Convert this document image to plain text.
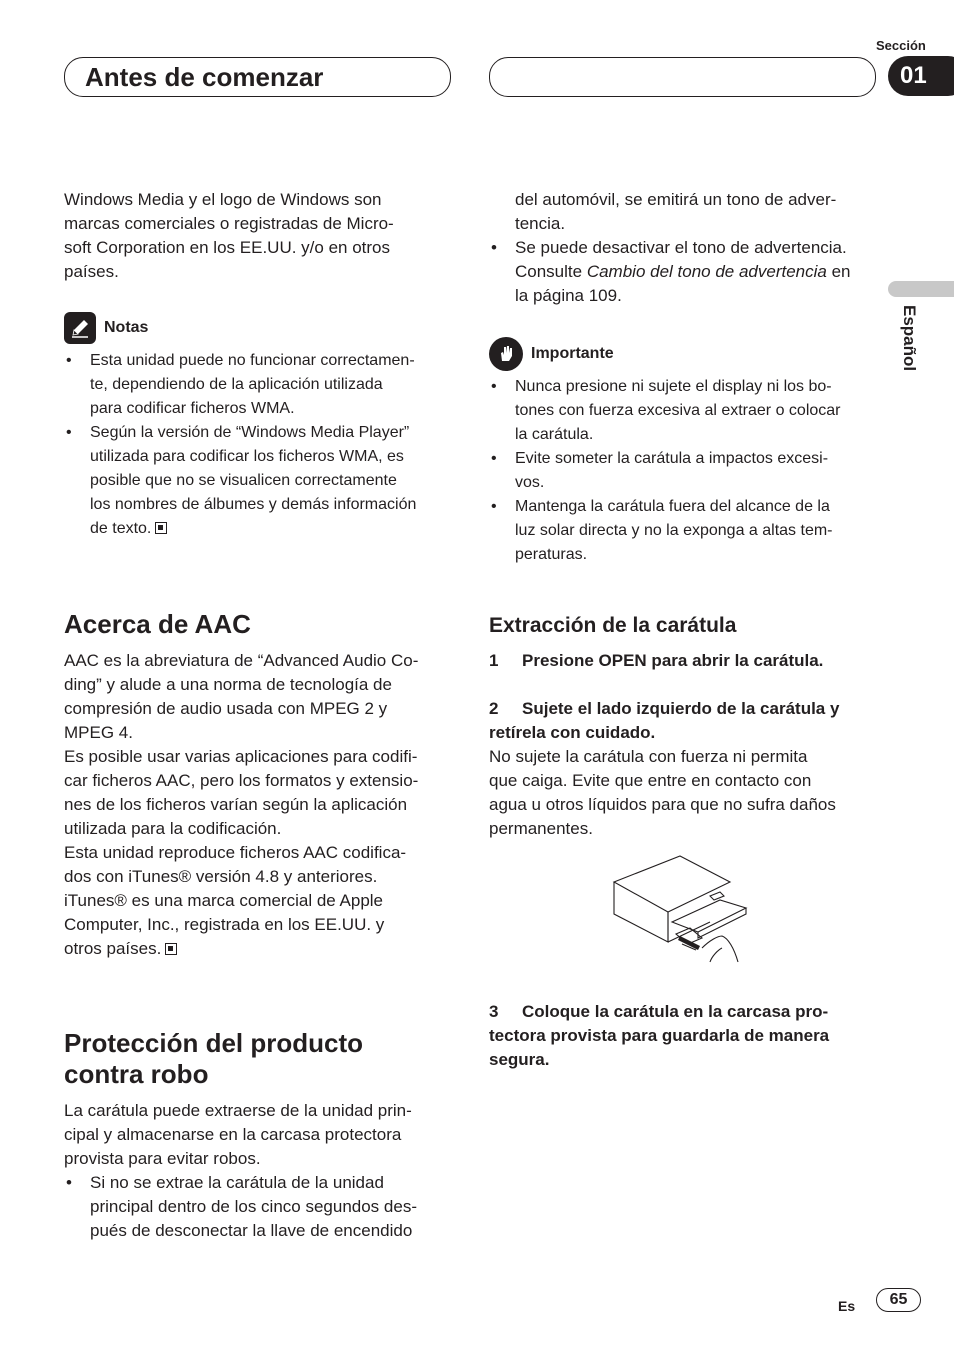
Antes de comenzar
Sección
01
Español

Windows Media y el logo de Windows son

marcas comerciales o registradas de Micro-

soft Corporation en los EE.UU. y/o en otros

países.

Notas
• Esta unidad puede no funcionar correctamen-
te, dependiendo de la aplicación utilizada
para codificar ficheros WMA.
• Según la versión de “Windows Media Player”
utilizada para codificar los ficheros WMA, es
posible que no se visualicen correctamente
los nombres de álbumes y demás información
de texto.
Acerca de AAC

AAC es la abreviatura de “Advanced Audio Co-

ding” y alude a una norma de tecnología de

compresión de audio usada con MPEG 2 y

MPEG 4.

Es posible usar varias aplicaciones para codifi-

car ficheros AAC, pero los formatos y extensio-

nes de los ficheros varían según la aplicación

utilizada para la codificación.

Esta unidad reproduce ficheros AAC codifica-

dos con iTunes® versión 4.8 y anteriores.

iTunes® es una marca comercial de Apple

Computer, Inc., registrada en los EE.UU. y

otros países.

Protección del producto
contra robo

La carátula puede extraerse de la unidad prin-

cipal y almacenarse en la carcasa protectora

provista para evitar robos.

• Si no se extrae la carátula de la unidad
principal dentro de los cinco segundos des-
pués de desconectar la llave de encendido

del automóvil, se emitirá un tono de adver-

tencia.

• Se puede desactivar el tono de advertencia.
Consulte Cambio del tono de advertencia en
la página 109.
Importante
• Nunca presione ni sujete el display ni los bo-
tones con fuerza excesiva al extraer o colocar
la carátula.
• Evite someter la carátula a impactos excesi-
vos.
• Mantenga la carátula fuera del alcance de la
luz solar directa y no la exponga a altas tem-
peraturas.
Extracción de la carátula

1 Presione OPEN para abrir la carátula.

2 Sujete el lado izquierdo de la carátula y

retírela con cuidado.

No sujete la carátula con fuerza ni permita

que caiga. Evite que entre en contacto con

agua u otros líquidos para que no sufra daños

permanentes.

3 Coloque la carátula en la carcasa pro-

tectora provista para guardarla de manera

segura.

Es	65
